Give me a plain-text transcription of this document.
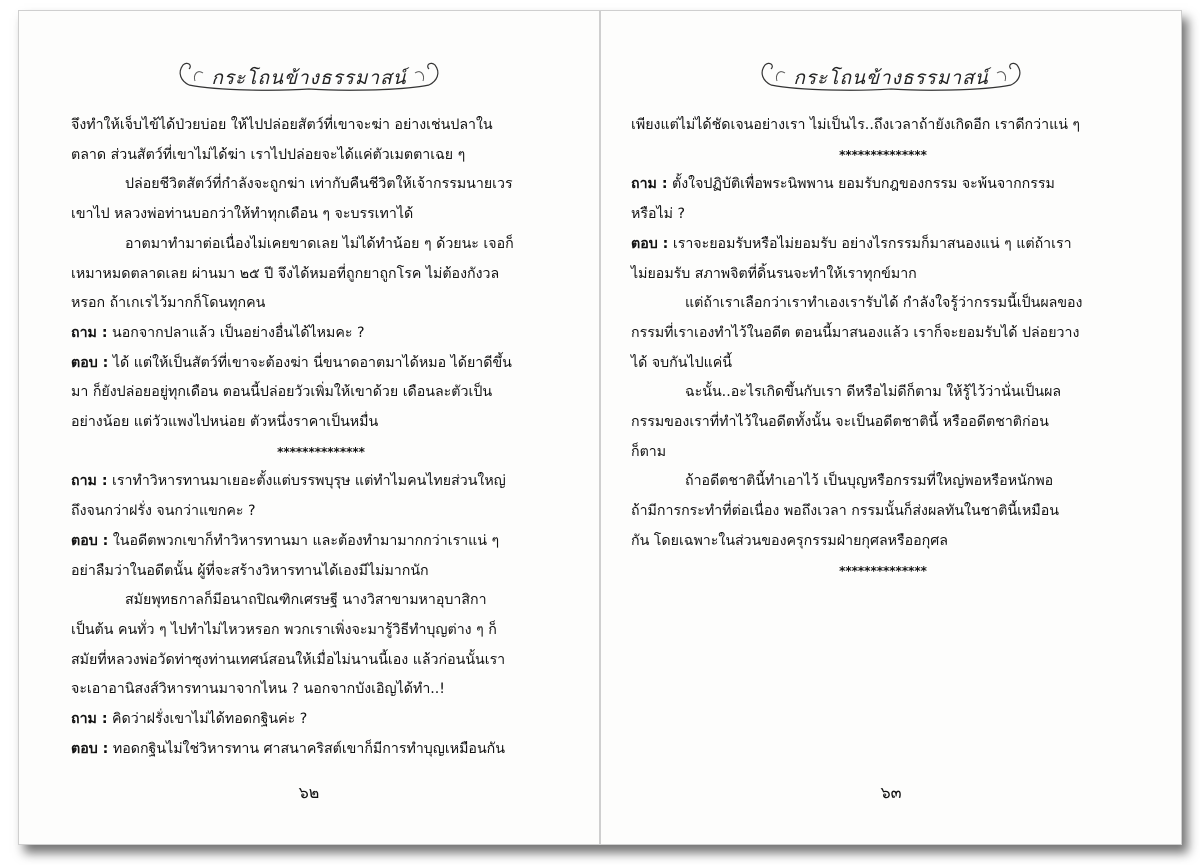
กระโถนข้างธรรมาสน์
จึงทำให้เจ็บไข้ได้ป่วยบ่อย ให้ไปปล่อยสัตว์ที่เขาจะฆ่า อย่างเช่นปลาใน
ตลาด ส่วนสัตว์ที่เขาไม่ได้ฆ่า เราไปปล่อยจะได้แค่ตัวเมตตาเฉย ๆ
ปล่อยชีวิตสัตว์ที่กำลังจะถูกฆ่า เท่ากับคืนชีวิตให้เจ้ากรรมนายเวร
เขาไป หลวงพ่อท่านบอกว่าให้ทำทุกเดือน ๆ จะบรรเทาได้
อาตมาทำมาต่อเนื่องไม่เคยขาดเลย ไม่ได้ทำน้อย ๆ ด้วยนะ เจอก็
เหมาหมดตลาดเลย ผ่านมา ๒๕ ปี จึงได้หมอที่ถูกยาถูกโรค ไม่ต้องกังวล
หรอก ถ้าเกเรไว้มากก็โดนทุกคน
ถาม : นอกจากปลาแล้ว เป็นอย่างอื่นได้ไหมคะ ?
ตอบ : ได้ แต่ให้เป็นสัตว์ที่เขาจะต้องฆ่า นี่ขนาดอาตมาได้หมอ ได้ยาดีขึ้น
มา ก็ยังปล่อยอยู่ทุกเดือน ตอนนี้ปล่อยวัวเพิ่มให้เขาด้วย เดือนละตัวเป็น
อย่างน้อย แต่วัวแพงไปหน่อย ตัวหนึ่งราคาเป็นหมื่น
**************
ถาม : เราทำวิหารทานมาเยอะตั้งแต่บรรพบุรุษ แต่ทำไมคนไทยส่วนใหญ่
ถึงจนกว่าฝรั่ง จนกว่าแขกคะ ?
ตอบ : ในอดีตพวกเขาก็ทำวิหารทานมา และต้องทำมามากกว่าเราแน่ ๆ
อย่าลืมว่าในอดีตนั้น ผู้ที่จะสร้างวิหารทานได้เองมีไม่มากนัก
สมัยพุทธกาลก็มีอนาถปิณฑิกเศรษฐี นางวิสาขามหาอุบาสิกา
เป็นต้น คนทั่ว ๆ ไปทำไม่ไหวหรอก พวกเราเพิ่งจะมารู้วิธีทำบุญต่าง ๆ ก็
สมัยที่หลวงพ่อวัดท่าซุงท่านเทศน์สอนให้เมื่อไม่นานนี้เอง แล้วก่อนนั้นเรา
จะเอาอานิสงส์วิหารทานมาจากไหน ? นอกจากบังเอิญได้ทำ..!
ถาม : คิดว่าฝรั่งเขาไม่ได้ทอดกฐินค่ะ ?
ตอบ : ทอดกฐินไม่ใช่วิหารทาน ศาสนาคริสต์เขาก็มีการทำบุญเหมือนกัน
๖๒
กระโถนข้างธรรมาสน์
เพียงแต่ไม่ได้ชัดเจนอย่างเรา ไม่เป็นไร..ถึงเวลาถ้ายังเกิดอีก เราดีกว่าแน่ ๆ
**************
ถาม : ตั้งใจปฏิบัติเพื่อพระนิพพาน ยอมรับกฎของกรรม จะพ้นจากกรรม
หรือไม่ ?
ตอบ : เราจะยอมรับหรือไม่ยอมรับ อย่างไรกรรมก็มาสนองแน่ ๆ แต่ถ้าเรา
ไม่ยอมรับ สภาพจิตที่ดิ้นรนจะทำให้เราทุกข์มาก
แต่ถ้าเราเลือกว่าเราทำเองเรารับได้ กำลังใจรู้ว่ากรรมนี้เป็นผลของ
กรรมที่เราเองทำไว้ในอดีต ตอนนี้มาสนองแล้ว เราก็จะยอมรับได้ ปล่อยวาง
ได้ จบกันไปแค่นี้
ฉะนั้น..อะไรเกิดขึ้นกับเรา ดีหรือไม่ดีก็ตาม ให้รู้ไว้ว่านั่นเป็นผล
กรรมของเราที่ทำไว้ในอดีตทั้งนั้น จะเป็นอดีตชาตินี้ หรืออดีตชาติก่อน
ก็ตาม
ถ้าอดีตชาตินี้ทำเอาไว้ เป็นบุญหรือกรรมที่ใหญ่พอหรือหนักพอ
ถ้ามีการกระทำที่ต่อเนื่อง พอถึงเวลา กรรมนั้นก็ส่งผลทันในชาตินี้เหมือน
กัน โดยเฉพาะในส่วนของครุกรรมฝ่ายกุศลหรืออกุศล
**************
๖๓
